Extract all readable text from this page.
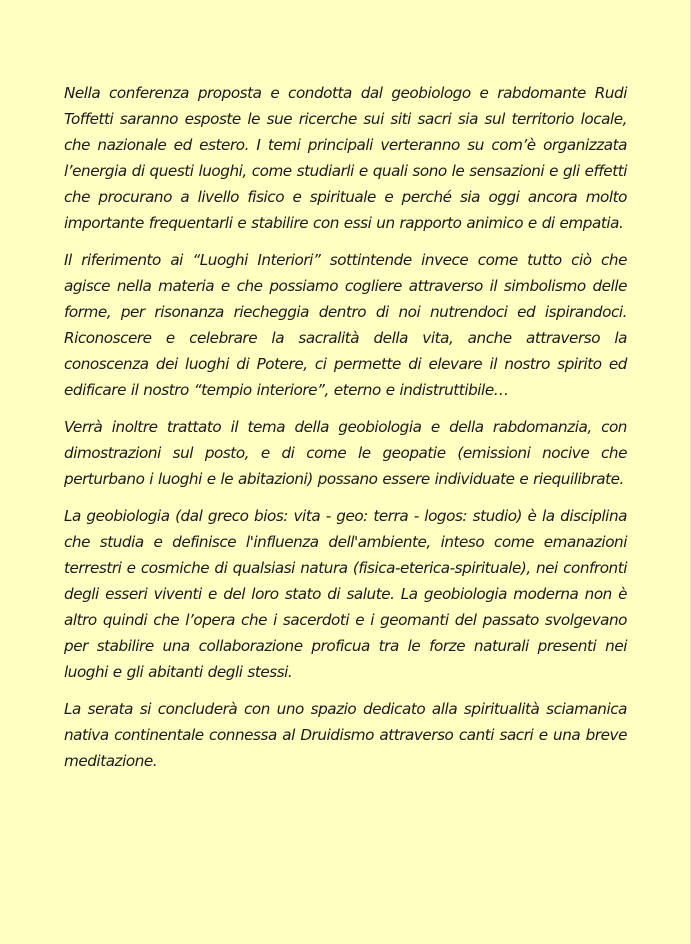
Nella conferenza proposta e condotta dal geobiologo e rabdomante Rudi Toffetti saranno esposte le sue ricerche sui siti sacri sia sul territorio locale, che nazionale ed estero. I temi principali verteranno su com’è organizzata l’energia di questi luoghi, come studiarli e quali sono le sensazioni e gli effetti che procurano a livello fisico e spirituale e perché sia oggi ancora molto importante frequentarli e stabilire con essi un rapporto animico e di empatia.

Il riferimento ai “Luoghi Interiori” sottintende invece come tutto ciò che agisce nella materia e che possiamo cogliere attraverso il simbolismo delle forme, per risonanza riecheggia dentro di noi nutrendoci ed ispirandoci. Riconoscere e celebrare la sacralità della vita, anche attraverso la conoscenza dei luoghi di Potere, ci permette di elevare il nostro spirito ed edificare il nostro “tempio interiore”, eterno e indistruttibile…

Verrà inoltre trattato il tema della geobiologia e della rabdomanzia, con dimostrazioni sul posto, e di come le geopatie (emissioni nocive che perturbano i luoghi e le abitazioni) possano essere individuate e riequilibrate.

La geobiologia (dal greco bios: vita - geo: terra - logos: studio) è la disciplina che studia e definisce l'influenza dell'ambiente, inteso come emanazioni terrestri e cosmiche di qualsiasi natura (fisica-eterica-spirituale), nei confronti degli esseri viventi e del loro stato di salute. La geobiologia moderna non è altro quindi che l’opera che i sacerdoti e i geomanti del passato svolgevano per stabilire una collaborazione proficua tra le forze naturali presenti nei luoghi e gli abitanti degli stessi.

La serata si concluderà con uno spazio dedicato alla spiritualità sciamanica nativa continentale connessa al Druidismo attraverso canti sacri e una breve meditazione.
